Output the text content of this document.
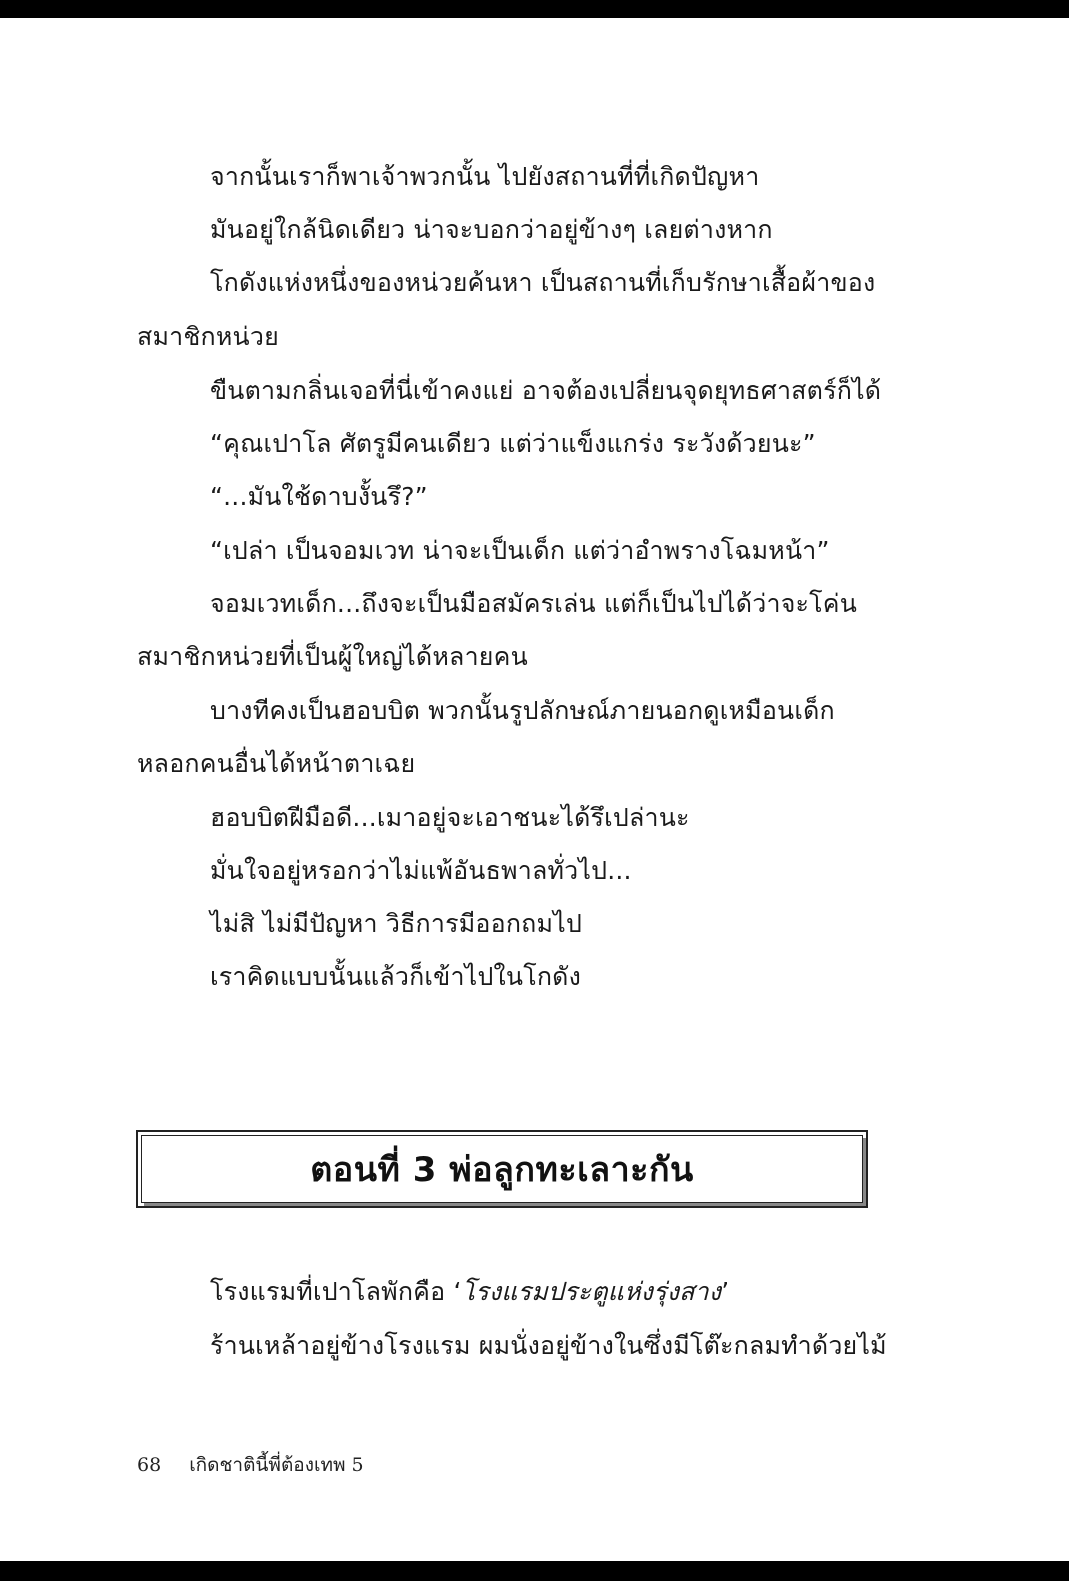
จากนั้นเราก็พาเจ้าพวกนั้น ไปยังสถานที่ที่เกิดปัญหา
มันอยู่ใกล้นิดเดียว น่าจะบอกว่าอยู่ข้างๆ เลยต่างหาก
โกดังแห่งหนึ่งของหน่วยค้นหา เป็นสถานที่เก็บรักษาเสื้อผ้าของ
สมาชิกหน่วย
ขืนตามกลิ่นเจอที่นี่เข้าคงแย่ อาจต้องเปลี่ยนจุดยุทธศาสตร์ก็ได้
“คุณเปาโล ศัตรูมีคนเดียว แต่ว่าแข็งแกร่ง ระวังด้วยนะ”
“...มันใช้ดาบงั้นรึ?”
“เปล่า เป็นจอมเวท น่าจะเป็นเด็ก แต่ว่าอำพรางโฉมหน้า”
จอมเวทเด็ก...ถึงจะเป็นมือสมัครเล่น แต่ก็เป็นไปได้ว่าจะโค่น
สมาชิกหน่วยที่เป็นผู้ใหญ่ได้หลายคน
บางทีคงเป็นฮอบบิต พวกนั้นรูปลักษณ์ภายนอกดูเหมือนเด็ก
หลอกคนอื่นได้หน้าตาเฉย
ฮอบบิตฝีมือดี...เมาอยู่จะเอาชนะได้รึเปล่านะ
มั่นใจอยู่หรอกว่าไม่แพ้อันธพาลทั่วไป...
ไม่สิ ไม่มีปัญหา วิธีการมีออกถมไป
เราคิดแบบนั้นแล้วก็เข้าไปในโกดัง
ตอนที่ 3 พ่อลูกทะเลาะกัน
โรงแรมที่เปาโลพักคือ ‘โรงแรมประตูแห่งรุ่งสาง’
ร้านเหล้าอยู่ข้างโรงแรม ผมนั่งอยู่ข้างในซึ่งมีโต๊ะกลมทำด้วยไม้
68 เกิดชาตินี้พี่ต้องเทพ 5
